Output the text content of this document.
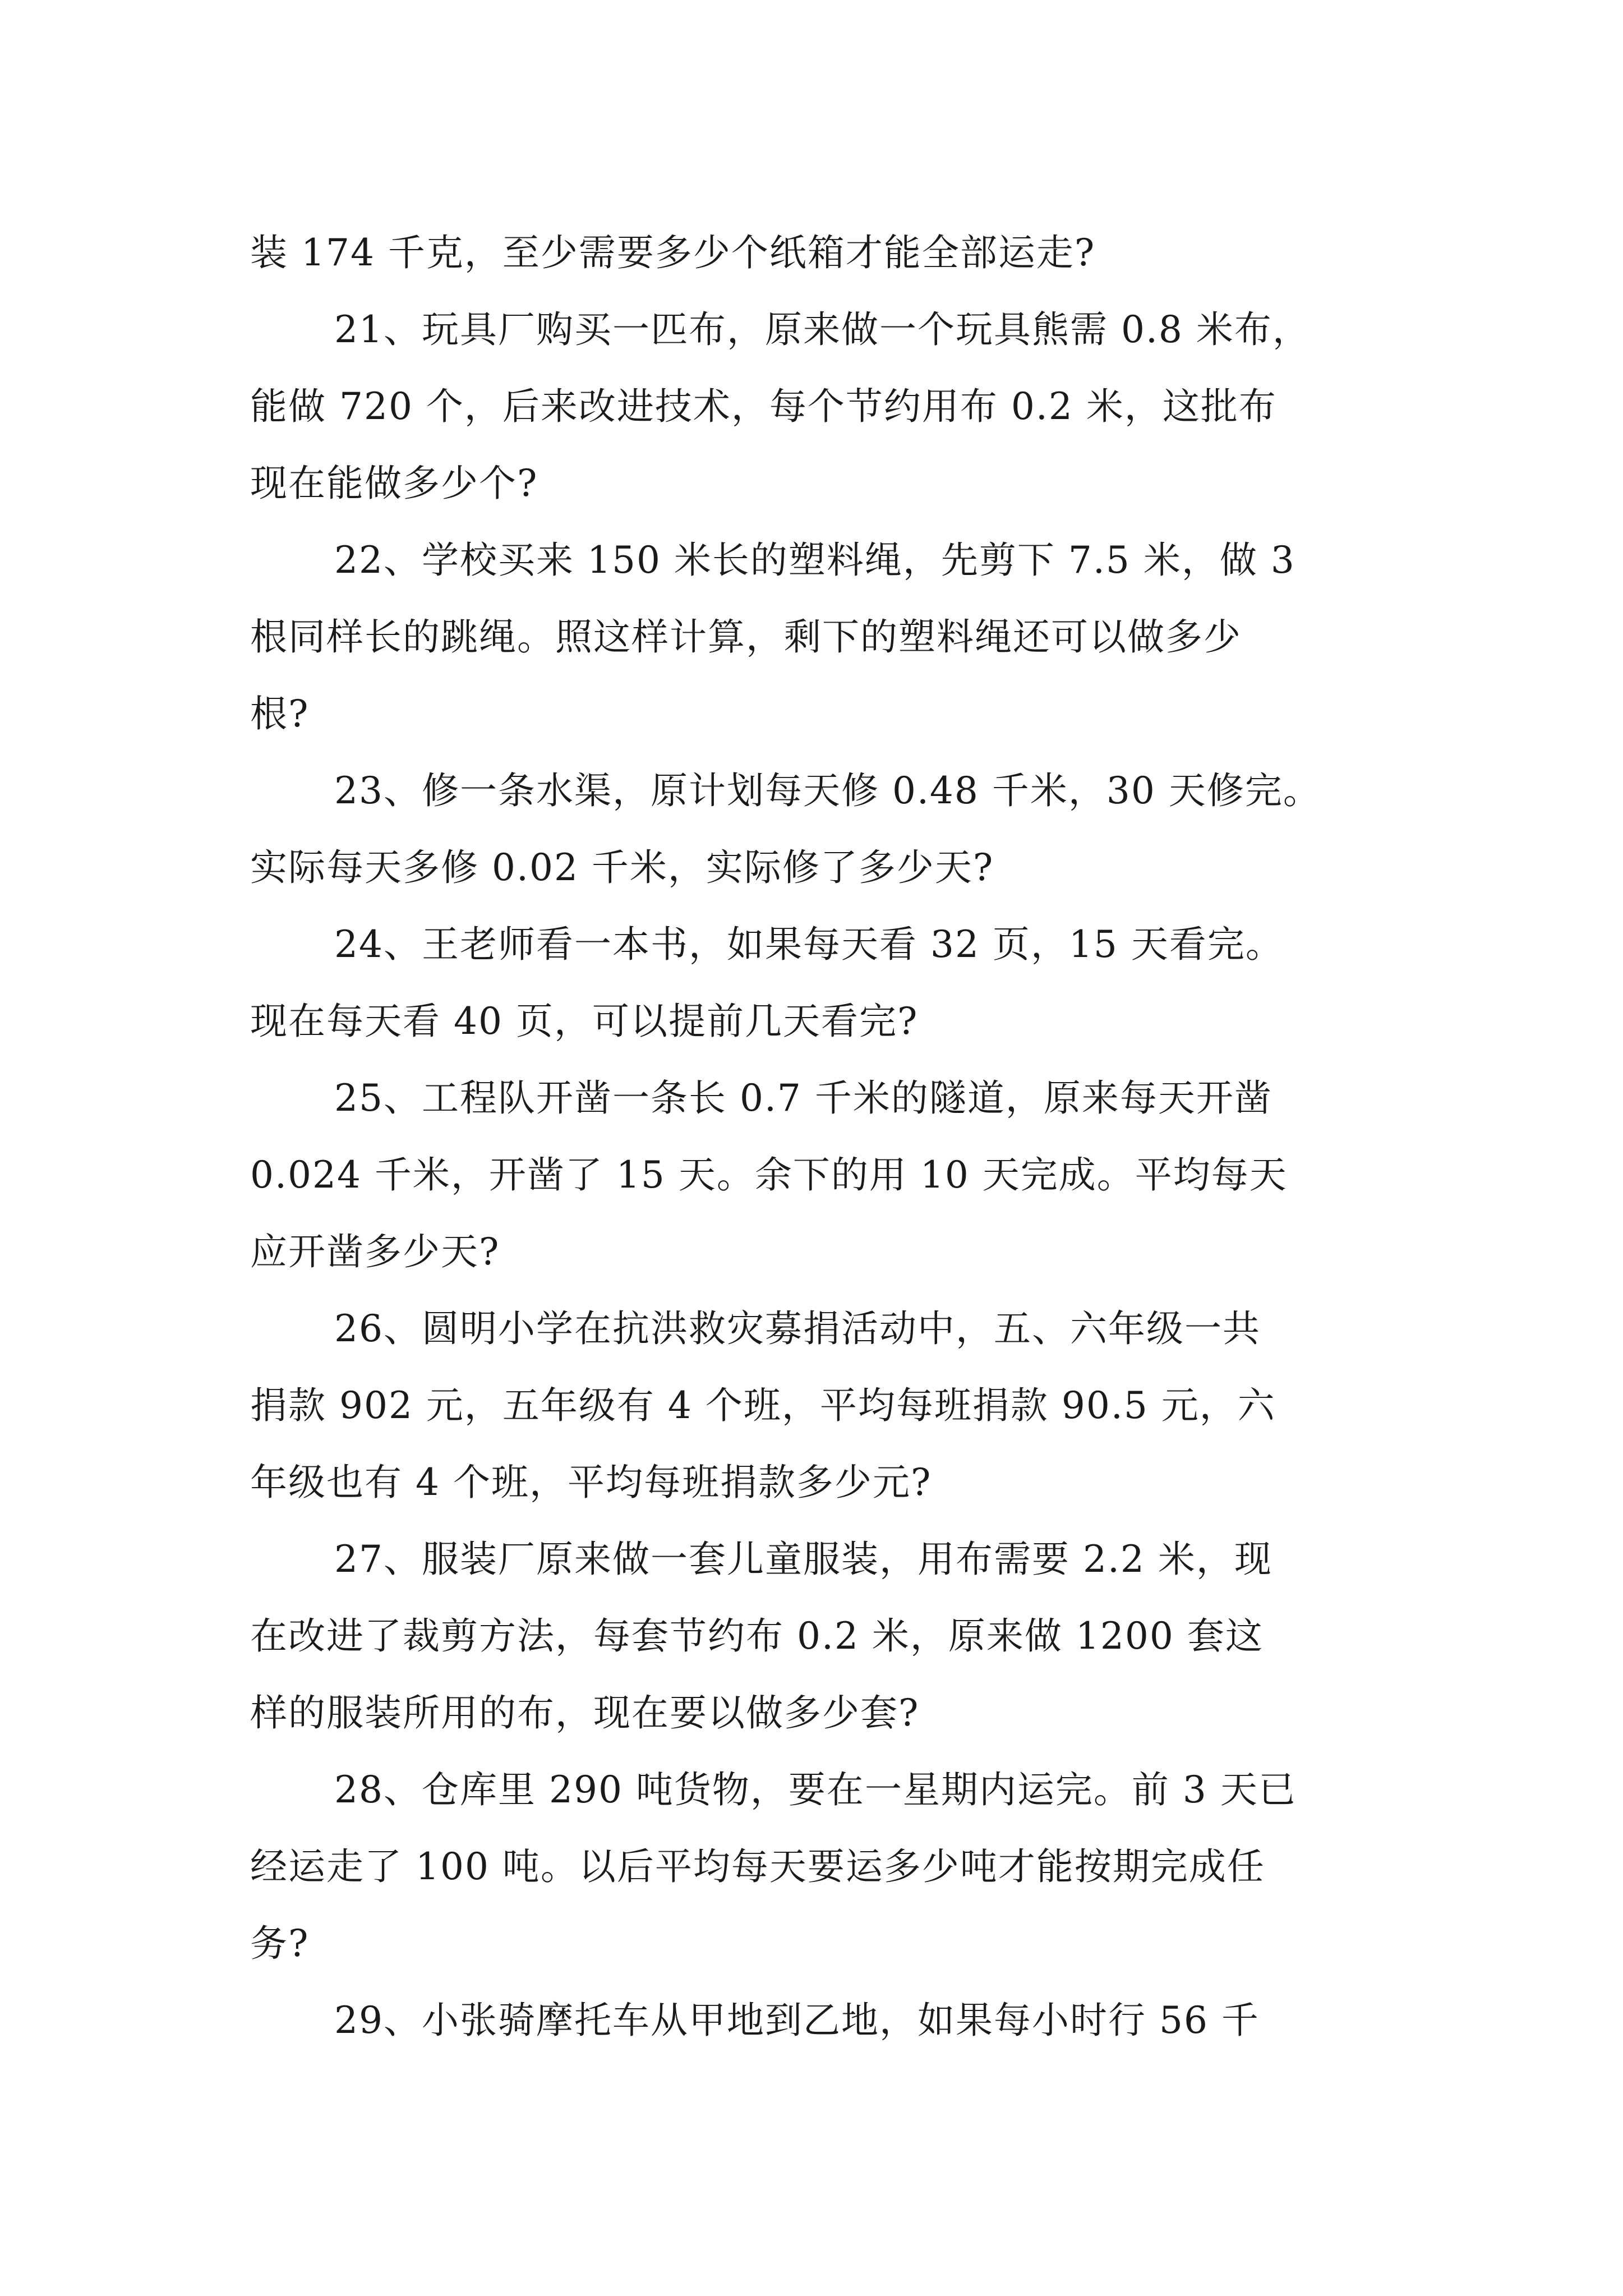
装 174 千克，至少需要多少个纸箱才能全部运走?
21、玩具厂购买一匹布，原来做一个玩具熊需 0.8 米布，
能做 720 个，后来改进技术，每个节约用布 0.2 米，这批布
现在能做多少个?
22、学校买来 150 米长的塑料绳，先剪下 7.5 米，做 3
根同样长的跳绳。照这样计算，剩下的塑料绳还可以做多少
根?
23、修一条水渠，原计划每天修 0.48 千米，30 天修完。
实际每天多修 0.02 千米，实际修了多少天?
24、王老师看一本书，如果每天看 32 页，15 天看完。
现在每天看 40 页，可以提前几天看完?
25、工程队开凿一条长 0.7 千米的隧道，原来每天开凿
0.024 千米，开凿了 15 天。余下的用 10 天完成。平均每天
应开凿多少天?
26、圆明小学在抗洪救灾募捐活动中，五、六年级一共
捐款 902 元，五年级有 4 个班，平均每班捐款 90.5 元，六
年级也有 4 个班，平均每班捐款多少元?
27、服装厂原来做一套儿童服装，用布需要 2.2 米，现
在改进了裁剪方法，每套节约布 0.2 米，原来做 1200 套这
样的服装所用的布，现在要以做多少套?
28、仓库里 290 吨货物，要在一星期内运完。前 3 天已
经运走了 100 吨。以后平均每天要运多少吨才能按期完成任
务?
29、小张骑摩托车从甲地到乙地，如果每小时行 56 千
